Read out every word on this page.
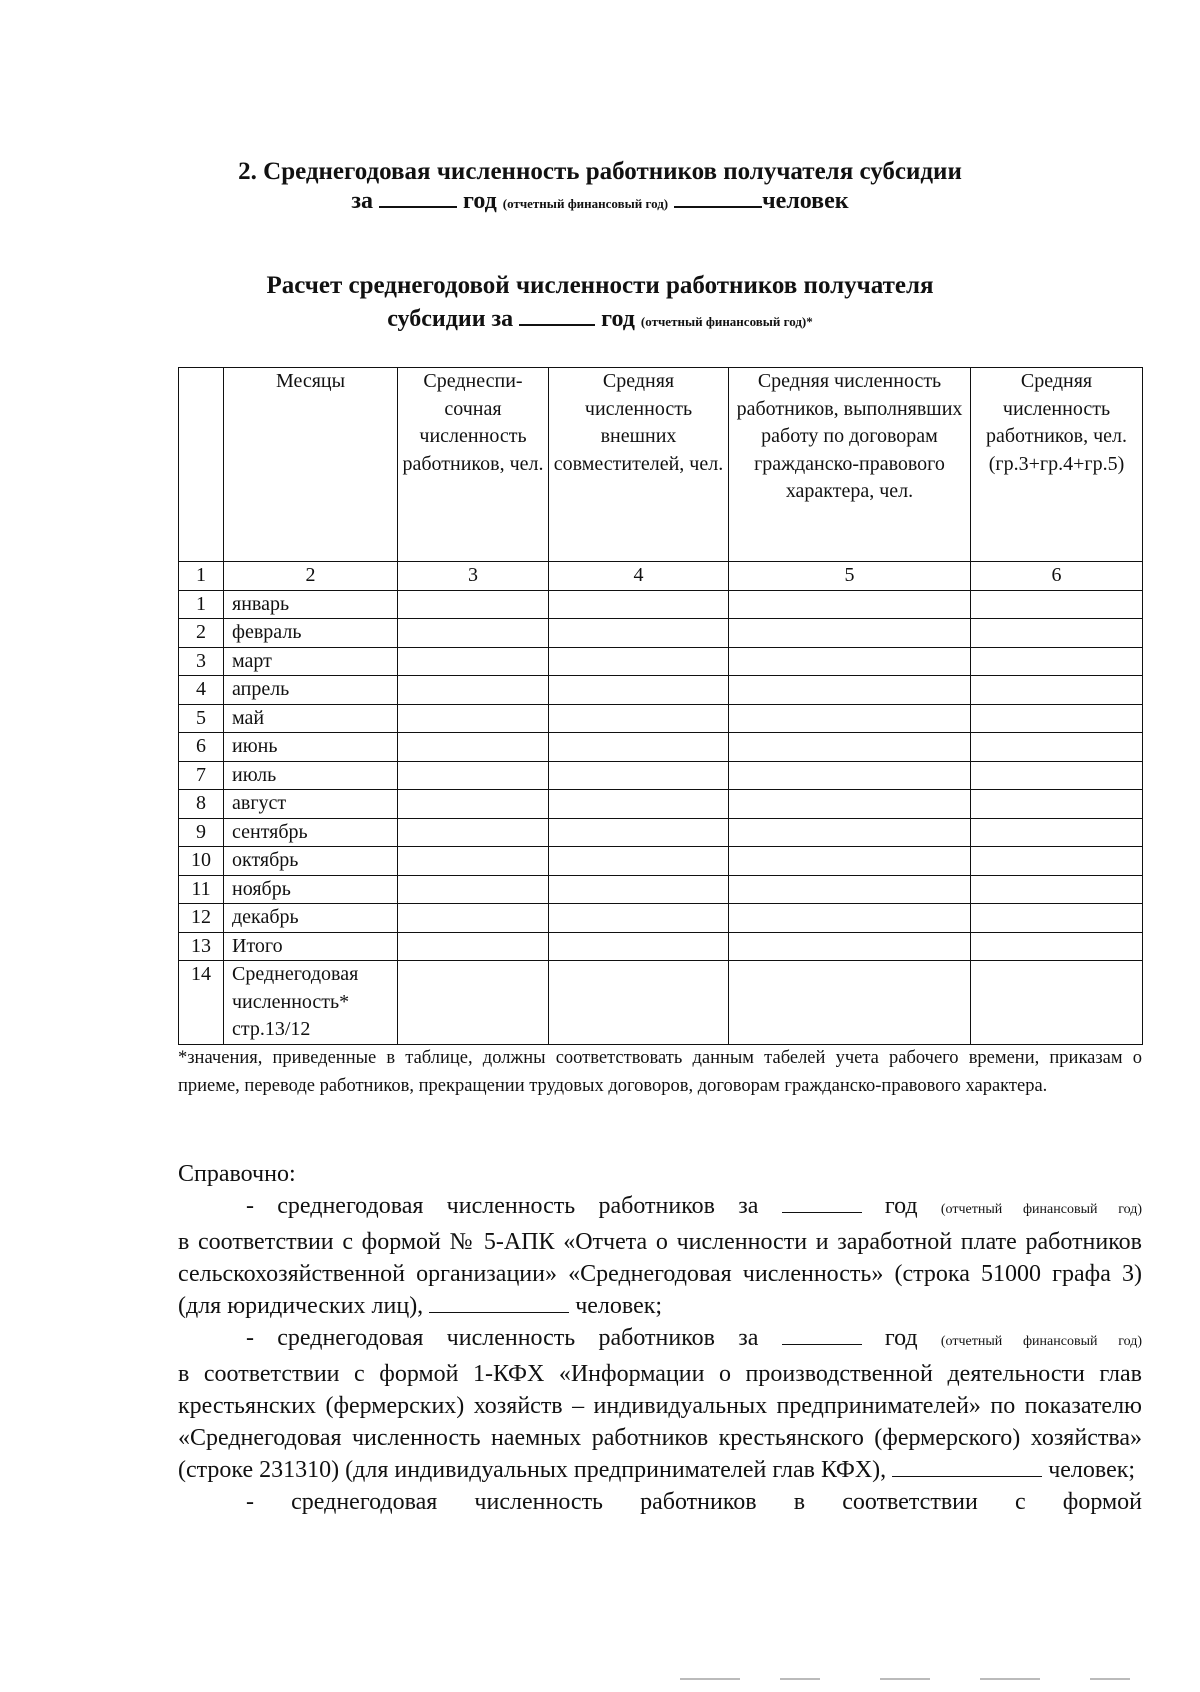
2. Среднегодовая численность работников получателя субсидии
за	год (отчетный финансовый год)	человек
Расчет среднегодовой численности работников получателя
субсидии за	год (отчетный финансовый год)*
	Месяцы	Среднеспи-сочная численность работников, чел.	Средняя численность внешних совместителей, чел.	Средняя численность работников, выполнявших работу по договорам гражданско-правового характера, чел.	Средняя численность работников, чел. (гр.3+гр.4+гр.5)
1	2	3	4	5	6
1	январь				
2	февраль				
3	март				
4	апрель				
5	май				
6	июнь				
7	июль				
8	август				
9	сентябрь				
10	октябрь				
11	ноябрь				
12	декабрь				
13	Итого				
14	Среднегодовая численность* стр.13/12				
*значения, приведенные в таблице, должны соответствовать данным табелей учета рабочего времени, приказам о приеме, переводе работников, прекращении трудовых договоров, договорам гражданско-правового характера.

Справочно:

- среднегодовая численность работников за	год (отчетный финансовый год)

в соответствии с формой № 5-АПК «Отчета о численности и заработной плате работников сельскохозяйственной организации» «Среднегодовая численность» (строка 51000 графа 3) (для юридических лиц),	человек;

- среднегодовая численность работников за	год (отчетный финансовый год)

в соответствии с формой 1-КФХ «Информации о производственной деятельности глав крестьянских (фермерских) хозяйств – индивидуальных предпринимателей» по показателю «Среднегодовая численность наемных работников крестьянского (фермерского) хозяйства» (строке 231310) (для индивидуальных предпринимателей глав КФХ),	человек;

- среднегодовая численность работников в соответствии с формой
